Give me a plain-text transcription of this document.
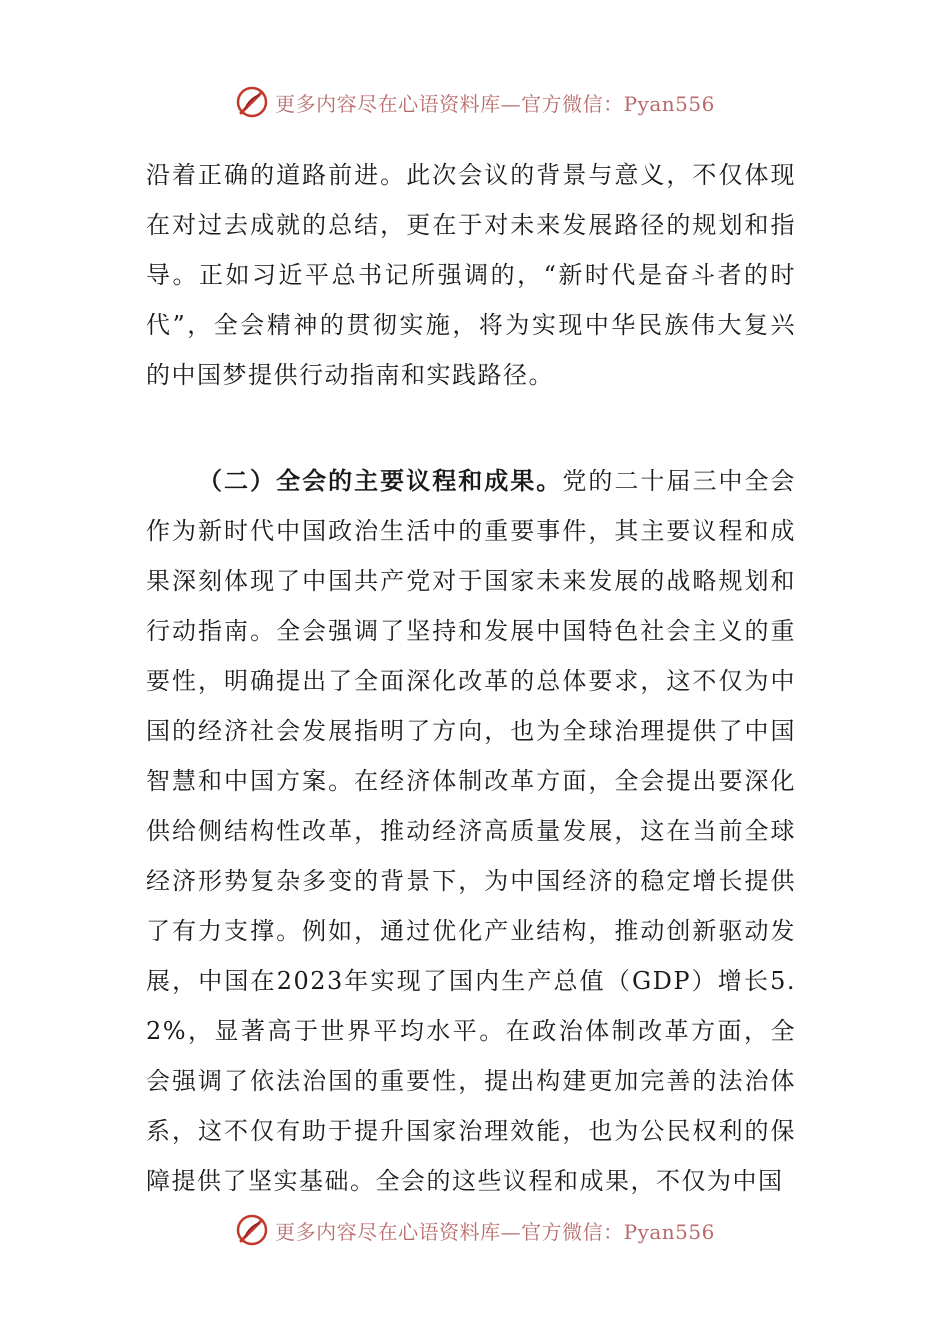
更多内容尽在心语资料库—官方微信：Pyan556

沿着正确的道路前进。此次会议的背景与意义，不仅体现在对过去成就的总结，更在于对未来发展路径的规划和指导。正如习近平总书记所强调的，“新时代是奋斗者的时代”，全会精神的贯彻实施，将为实现中华民族伟大复兴的中国梦提供行动指南和实践路径。

（二）全会的主要议程和成果。党的二十届三中全会作为新时代中国政治生活中的重要事件，其主要议程和成果深刻体现了中国共产党对于国家未来发展的战略规划和行动指南。全会强调了坚持和发展中国特色社会主义的重要性，明确提出了全面深化改革的总体要求，这不仅为中国的经济社会发展指明了方向，也为全球治理提供了中国智慧和中国方案。在经济体制改革方面，全会提出要深化供给侧结构性改革，推动经济高质量发展，这在当前全球经济形势复杂多变的背景下，为中国经济的稳定增长提供了有力支撑。例如，通过优化产业结构，推动创新驱动发展，中国在2023年实现了国内生产总值（GDP）增长5.2%，显著高于世界平均水平。在政治体制改革方面，全会强调了依法治国的重要性，提出构建更加完善的法治体系，这不仅有助于提升国家治理效能，也为公民权利的保障提供了坚实基础。全会的这些议程和成果，不仅为中国

更多内容尽在心语资料库—官方微信：Pyan556
